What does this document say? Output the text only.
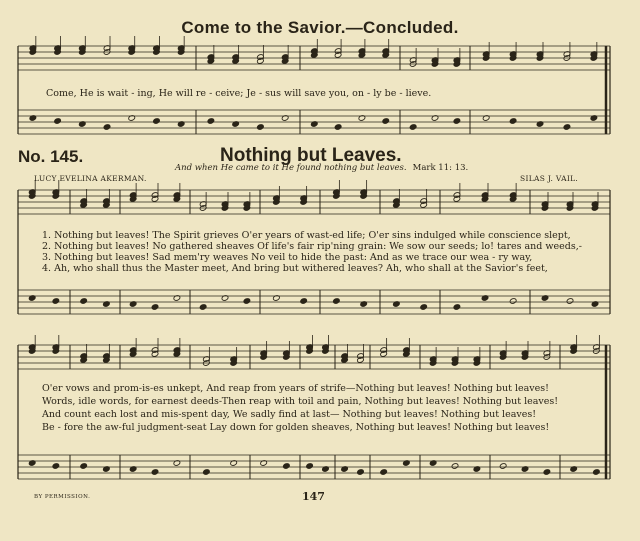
Come to the Savior.—Concluded.
Come, He is wait - ing, He will re - ceive; Je - sus will save you, on - ly be - lieve.
No. 145.	Nothing but Leaves.
And when He came to it He found nothing but leaves. Mark 11: 13.
LUCY EVELINA AKERMAN.	SILAS J. VAIL.
1. Nothing but leaves! The Spirit grieves O'er years of wast-ed life; O'er sins indulged while conscience slept,
2. Nothing but leaves! No gathered sheaves Of life's fair rip'ning grain: We sow our seeds; lo! tares and weeds,-
3. Nothing but leaves! Sad mem'ry weaves No veil to hide the past: And as we trace our wea - ry way,
4. Ah, who shall thus the Master meet, And bring but withered leaves? Ah, who shall at the Savior's feet,
O'er vows and prom-is-es unkept, And reap from years of strife—Nothing but leaves! Nothing but leaves!
Words, idle words, for earnest deeds-Then reap with toil and pain, Nothing but leaves! Nothing but leaves!
And count each lost and mis-spent day, We sadly find at last— Nothing but leaves! Nothing but leaves!
Be - fore the aw-ful judgment-seat Lay down for golden sheaves, Nothing but leaves! Nothing but leaves!
BY PERMISSION.	147
